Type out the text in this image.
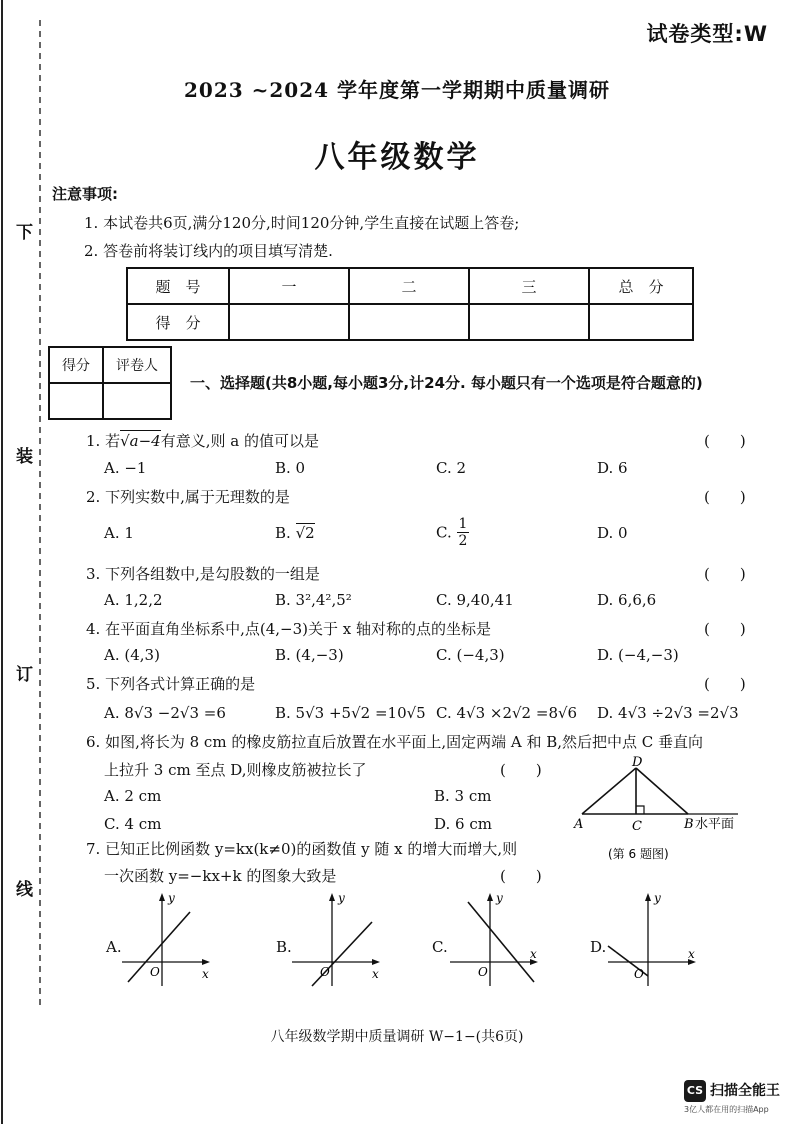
下
装
订
线
试卷类型:W
2023 ~2024 学年度第一学期期中质量调研
八年级数学
注意事项:
1. 本试卷共6页,满分120分,时间120分钟,学生直接在试题上答卷;
2. 答卷前将装订线内的项目填写清楚.
题　号	一	二	三	总　分
得　分				
得分	评卷人

一、选择题(共8小题,每小题3分,计24分. 每小题只有一个选项是符合题意的)
1. 若√a−4有意义,则 a 的值可以是	(　　)
A. −1	B. 0	C. 2	D. 6
2. 下列实数中,属于无理数的是	(　　)
A. 1	B. √2	C. $\frac{1}{2}$	D. 0
3. 下列各组数中,是勾股数的一组是	(　　)
A. 1,2,2	B. 3²,4²,5²	C. 9,40,41	D. 6,6,6
4. 在平面直角坐标系中,点(4,−3)关于 x 轴对称的点的坐标是	(　　)
A. (4,3)	B. (4,−3)	C. (−4,3)	D. (−4,−3)
5. 下列各式计算正确的是	(　　)
A. 8√3 −2√3 =6	B. 5√3 +5√2 =10√5 C. 4√3 ×2√2 =8√6 D. 4√3 ÷2√3 =2√3
6. 如图,将长为 8 cm 的橡皮筋拉直后放置在水平面上,固定两端 A 和 B,然后把中点 C 垂直向
上拉升 3 cm 至点 D,则橡皮筋被拉长了	(　　)
A. 2 cm	B. 3 cm
C. 4 cm	D. 6 cm
D
A	C	B 水平面
(第 6 题图)
7. 已知正比例函数 y=kx(k≠0)的函数值 y 随 x 的增大而增大,则
一次函数 y=−kx+k 的图象大致是	(　　)
A.	B.	C.	D.
y
x
O
y
x
O
y
x
O
y
x
O
八年级数学期中质量调研 W−1−(共6页)
CS 扫描全能王
3亿人都在用的扫描App
